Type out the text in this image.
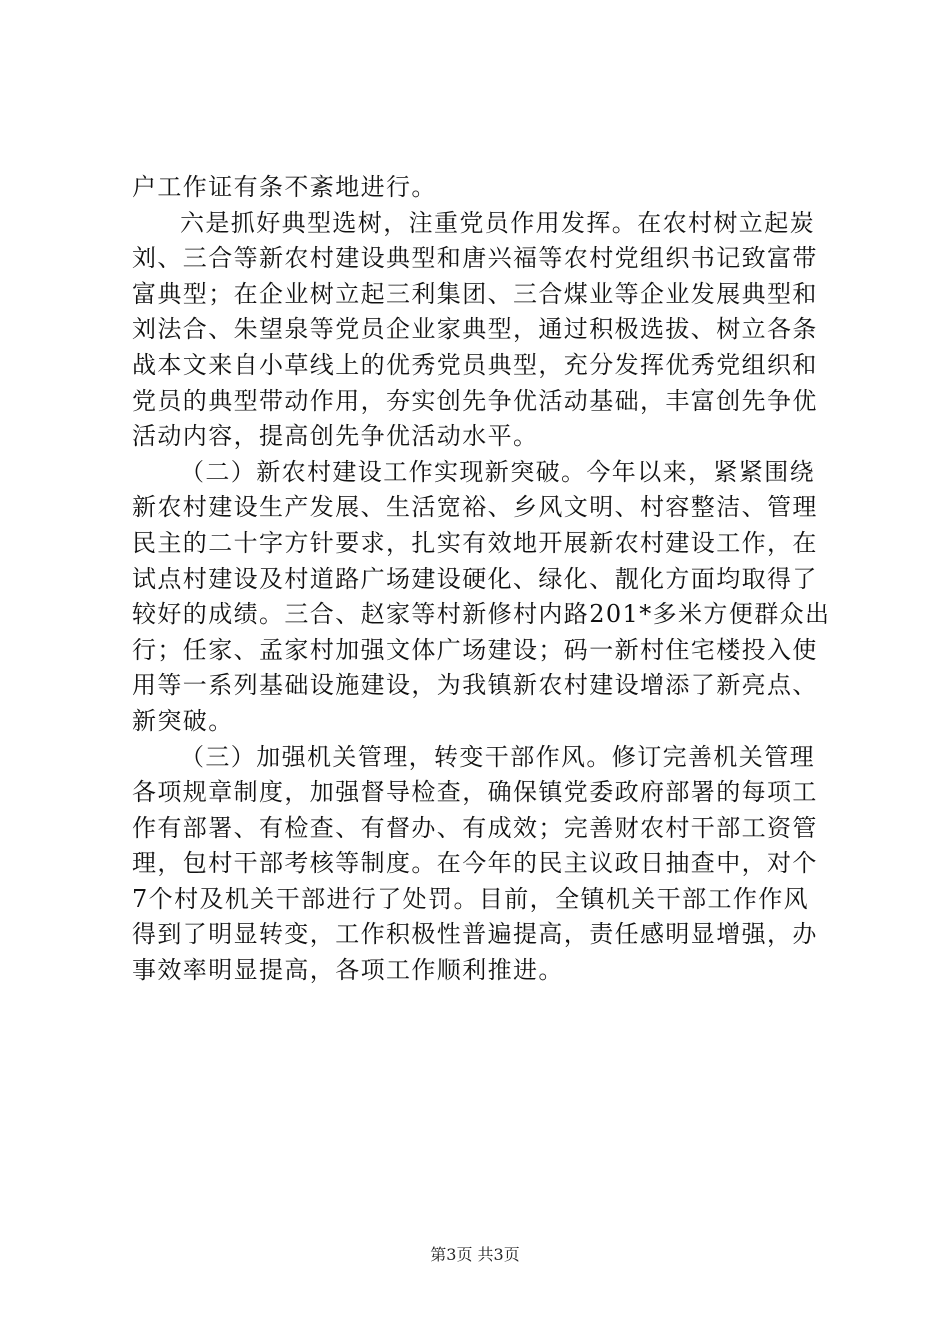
户工作证有条不紊地进行。
六是抓好典型选树，注重党员作用发挥。在农村树立起炭
刘、三合等新农村建设典型和唐兴福等农村党组织书记致富带
富典型；在企业树立起三利集团、三合煤业等企业发展典型和
刘法合、朱望泉等党员企业家典型，通过积极选拔、树立各条
战本文来自小草线上的优秀党员典型，充分发挥优秀党组织和
党员的典型带动作用，夯实创先争优活动基础，丰富创先争优
活动内容，提高创先争优活动水平。
（二）新农村建设工作实现新突破。今年以来，紧紧围绕
新农村建设生产发展、生活宽裕、乡风文明、村容整洁、管理
民主的二十字方针要求，扎实有效地开展新农村建设工作，在
试点村建设及村道路广场建设硬化、绿化、靓化方面均取得了
较好的成绩。三合、赵家等村新修村内路201*多米方便群众出
行；任家、孟家村加强文体广场建设；码一新村住宅楼投入使
用等一系列基础设施建设，为我镇新农村建设增添了新亮点、
新突破。
（三）加强机关管理，转变干部作风。修订完善机关管理
各项规章制度，加强督导检查，确保镇党委政府部署的每项工
作有部署、有检查、有督办、有成效；完善财农村干部工资管
理，包村干部考核等制度。在今年的民主议政日抽查中，对个
7个村及机关干部进行了处罚。目前，全镇机关干部工作作风
得到了明显转变，工作积极性普遍提高，责任感明显增强，办
事效率明显提高，各项工作顺利推进。
第3页 共3页
